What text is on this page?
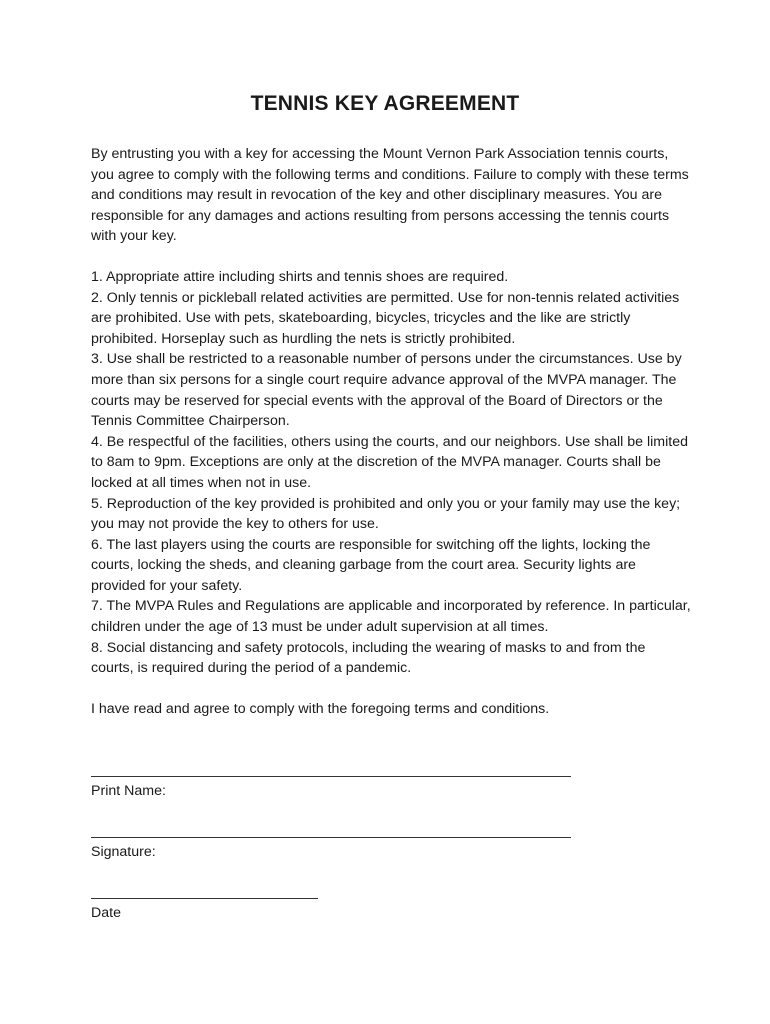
TENNIS KEY AGREEMENT

By entrusting you with a key for accessing the Mount Vernon Park Association tennis courts, you agree to comply with the following terms and conditions. Failure to comply with these terms and conditions may result in revocation of the key and other disciplinary measures. You are responsible for any damages and actions resulting from persons accessing the tennis courts with your key.

1. Appropriate attire including shirts and tennis shoes are required.
2. Only tennis or pickleball related activities are permitted. Use for non-tennis related activities are prohibited. Use with pets, skateboarding, bicycles, tricycles and the like are strictly prohibited. Horseplay such as hurdling the nets is strictly prohibited.
3. Use shall be restricted to a reasonable number of persons under the circumstances. Use by more than six persons for a single court require advance approval of the MVPA manager. The courts may be reserved for special events with the approval of the Board of Directors or the Tennis Committee Chairperson.
4. Be respectful of the facilities, others using the courts, and our neighbors. Use shall be limited to 8am to 9pm. Exceptions are only at the discretion of the MVPA manager. Courts shall be locked at all times when not in use.
5. Reproduction of the key provided is prohibited and only you or your family may use the key; you may not provide the key to others for use.
6. The last players using the courts are responsible for switching off the lights, locking the courts, locking the sheds, and cleaning garbage from the court area. Security lights are provided for your safety.
7. The MVPA Rules and Regulations are applicable and incorporated by reference. In particular, children under the age of 13 must be under adult supervision at all times.
8. Social distancing and safety protocols, including the wearing of masks to and from the courts, is required during the period of a pandemic.

I have read and agree to comply with the foregoing terms and conditions.

Print Name:
Signature:
Date
